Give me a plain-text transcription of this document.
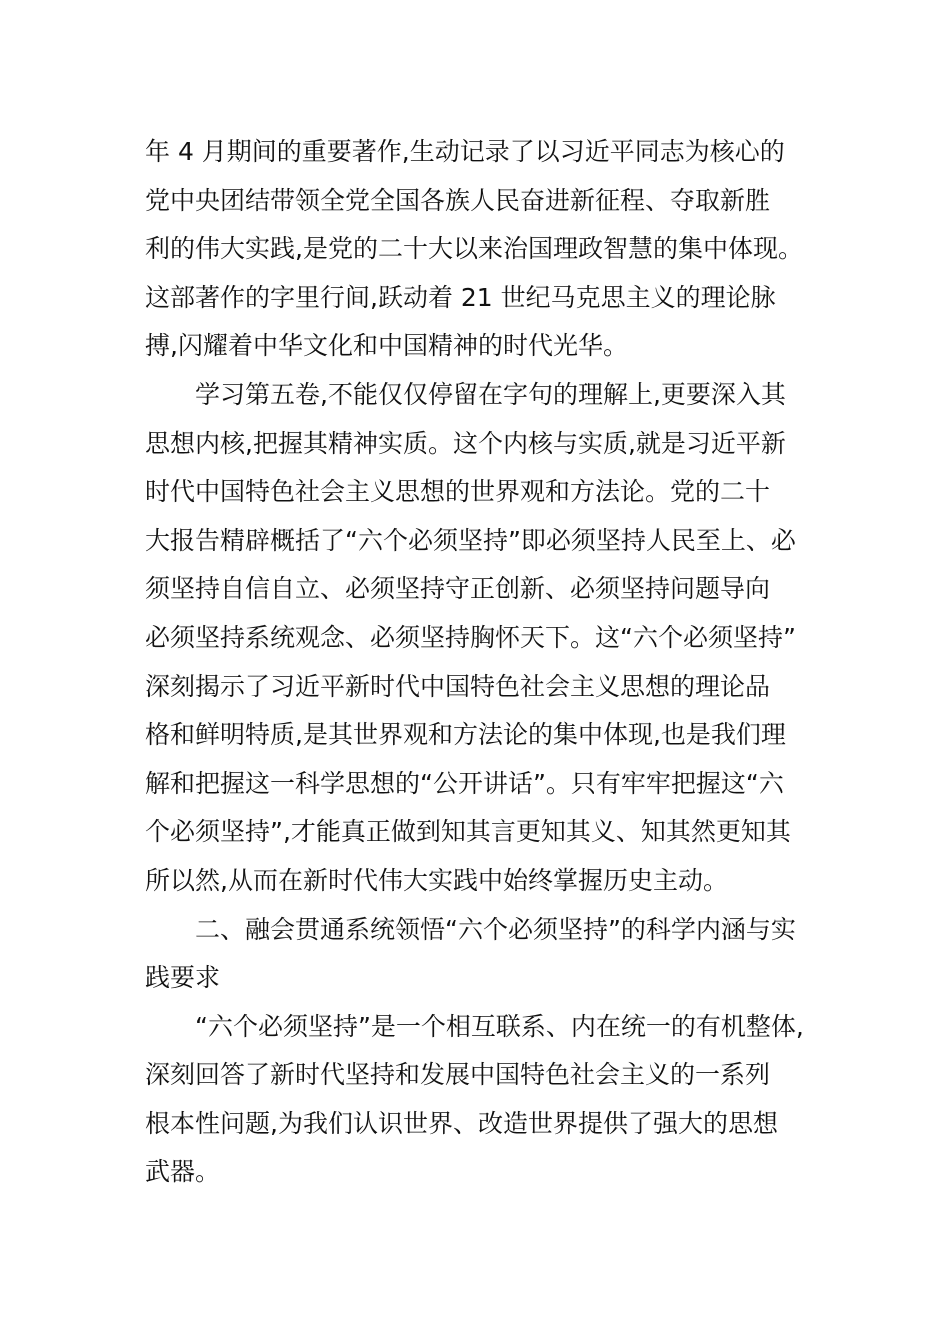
年 4 月期间的重要著作,生动记录了以习近平同志为核心的
党中央团结带领全党全国各族人民奋进新征程、夺取新胜
利的伟大实践,是党的二十大以来治国理政智慧的集中体现。
这部著作的字里行间,跃动着 21 世纪马克思主义的理论脉
搏,闪耀着中华文化和中国精神的时代光华。
学习第五卷,不能仅仅停留在字句的理解上,更要深入其
思想内核,把握其精神实质。这个内核与实质,就是习近平新
时代中国特色社会主义思想的世界观和方法论。党的二十
大报告精辟概括了“六个必须坚持”即必须坚持人民至上、必
须坚持自信自立、必须坚持守正创新、必须坚持问题导向
必须坚持系统观念、必须坚持胸怀天下。这“六个必须坚持”
深刻揭示了习近平新时代中国特色社会主义思想的理论品
格和鲜明特质,是其世界观和方法论的集中体现,也是我们理
解和把握这一科学思想的“公开讲话”。只有牢牢把握这“六
个必须坚持”,才能真正做到知其言更知其义、知其然更知其
所以然,从而在新时代伟大实践中始终掌握历史主动。
二、融会贯通系统领悟“六个必须坚持”的科学内涵与实
践要求
“六个必须坚持”是一个相互联系、内在统一的有机整体,
深刻回答了新时代坚持和发展中国特色社会主义的一系列
根本性问题,为我们认识世界、改造世界提供了强大的思想
武器。
